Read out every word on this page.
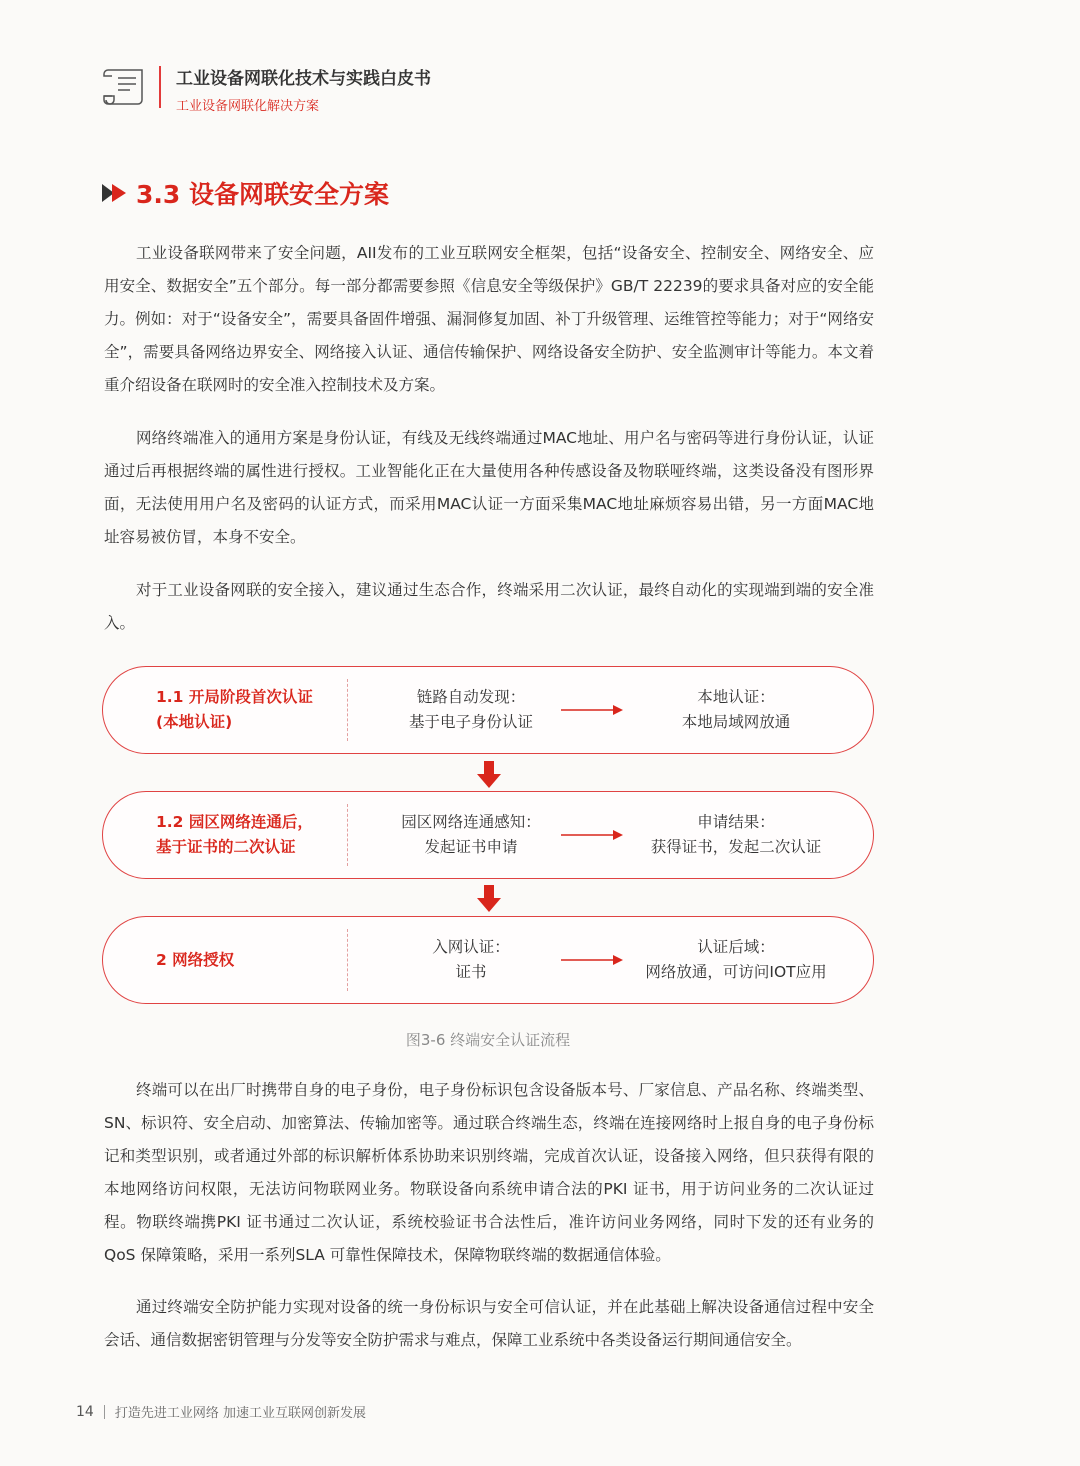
工业设备网联化技术与实践白皮书
工业设备网联化解决方案
3.3 设备网联安全方案

工业设备联网带来了安全问题，AII发布的工业互联网安全框架，包括“设备安全、控制安全、网络安全、应用安全、数据安全”五个部分。每一部分都需要参照《信息安全等级保护》GB/T 22239的要求具备对应的安全能力。例如：对于“设备安全”，需要具备固件增强、漏洞修复加固、补丁升级管理、运维管控等能力；对于“网络安全”，需要具备网络边界安全、网络接入认证、通信传输保护、网络设备安全防护、安全监测审计等能力。本文着重介绍设备在联网时的安全准入控制技术及方案。

网络终端准入的通用方案是身份认证，有线及无线终端通过MAC地址、用户名与密码等进行身份认证，认证通过后再根据终端的属性进行授权。工业智能化正在大量使用各种传感设备及物联哑终端，这类设备没有图形界面，无法使用用户名及密码的认证方式，而采用MAC认证一方面采集MAC地址麻烦容易出错，另一方面MAC地址容易被仿冒，本身不安全。

对于工业设备网联的安全接入，建议通过生态合作，终端采用二次认证，最终自动化的实现端到端的安全准入。

1.1 开局阶段首次认证
(本地认证)
链路自动发现：
基于电子身份认证
本地认证：
本地局域网放通
1.2 园区网络连通后，
基于证书的二次认证
园区网络连通感知：
发起证书申请
申请结果：
获得证书，发起二次认证
2 网络授权
入网认证：
证书
认证后域：
网络放通，可访问IOT应用
图3-6 终端安全认证流程

终端可以在出厂时携带自身的电子身份，电子身份标识包含设备版本号、厂家信息、产品名称、终端类型、SN、标识符、安全启动、加密算法、传输加密等。通过联合终端生态，终端在连接网络时上报自身的电子身份标记和类型识别，或者通过外部的标识解析体系协助来识别终端，完成首次认证，设备接入网络，但只获得有限的本地网络访问权限，无法访问物联网业务。物联设备向系统申请合法的PKI 证书，用于访问业务的二次认证过程。物联终端携PKI 证书通过二次认证，系统校验证书合法性后，准许访问业务网络，同时下发的还有业务的QoS 保障策略，采用一系列SLA 可靠性保障技术，保障物联终端的数据通信体验。

通过终端安全防护能力实现对设备的统一身份标识与安全可信认证，并在此基础上解决设备通信过程中安全会话、通信数据密钥管理与分发等安全防护需求与难点，保障工业系统中各类设备运行期间通信安全。

14 打造先进工业网络 加速工业互联网创新发展
